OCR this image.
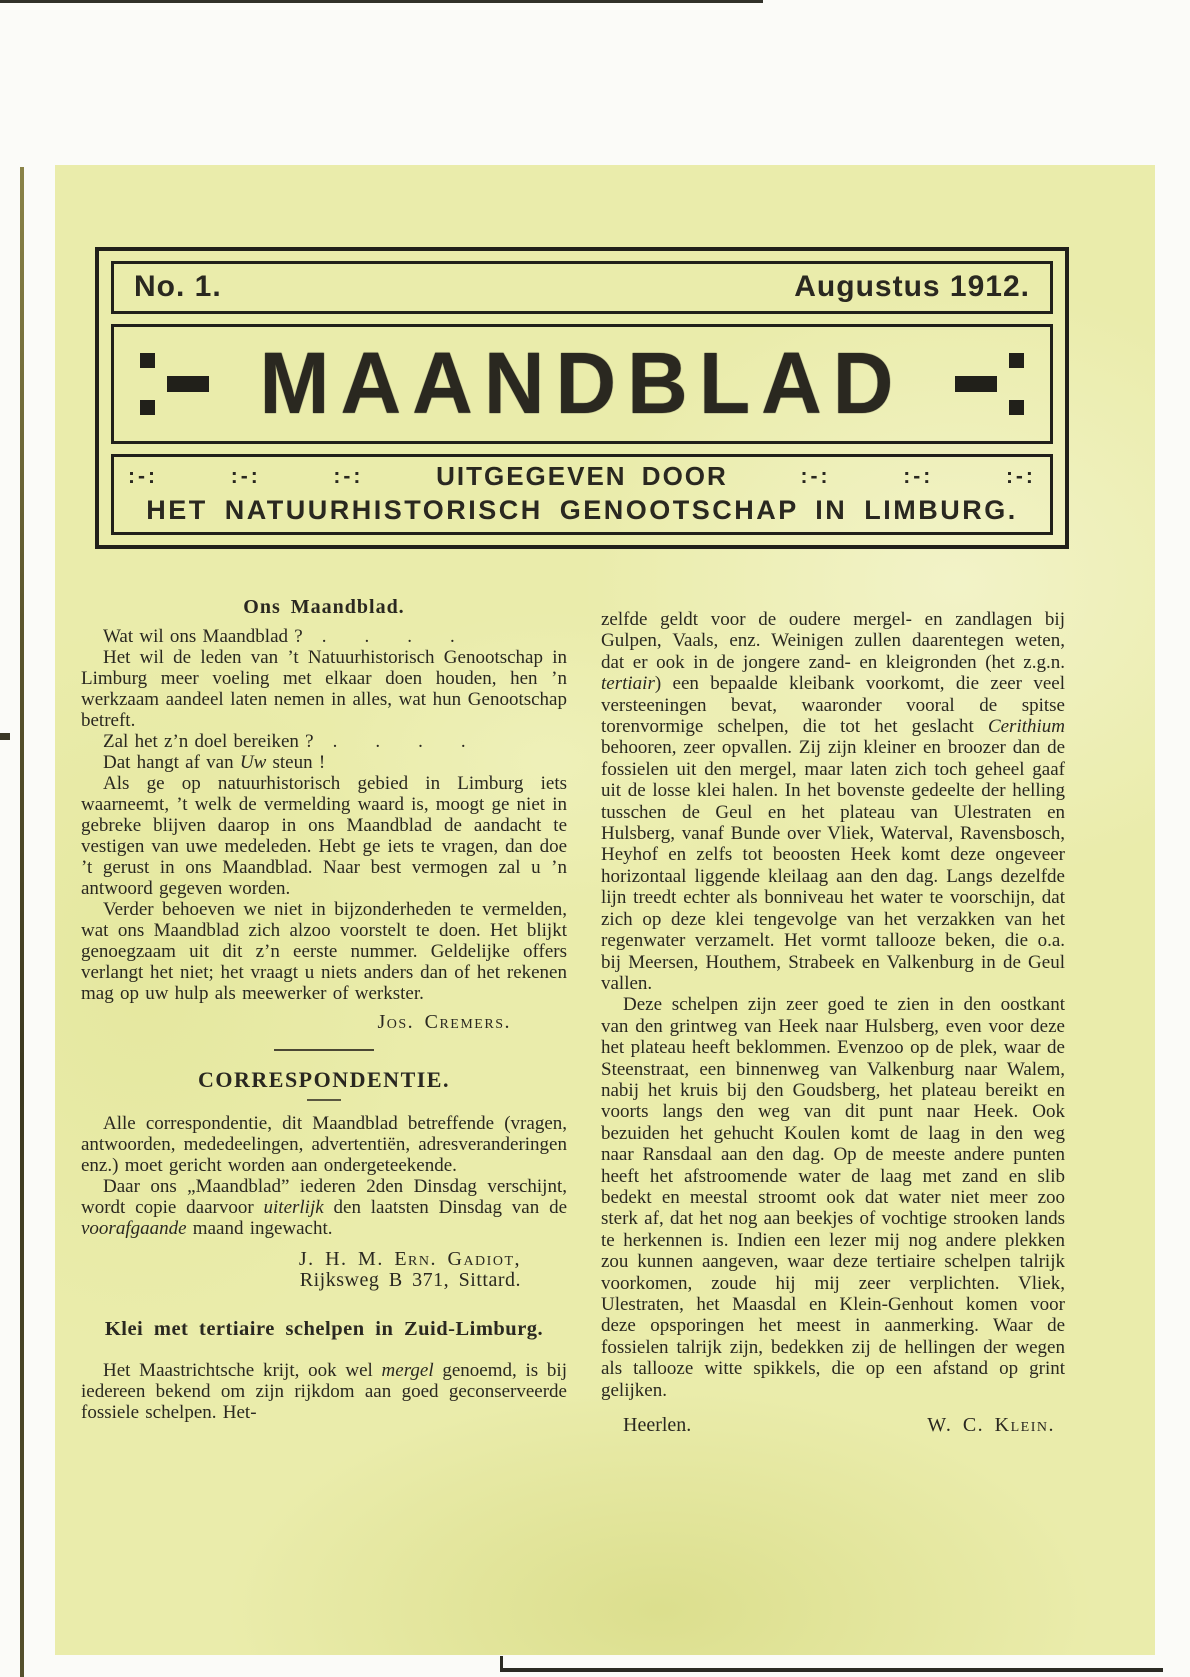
No. 1.	Augustus 1912.
MAANDBLAD
:-:	:-:	:-:	UITGEGEVEN DOOR	:-:	:-:	:-:
HET NATUURHISTORISCH GENOOTSCHAP IN LIMBURG.
Ons Maandblad.

Wat wil ons Maandblad ? .  .  .  .

Het wil de leden van ’t Natuurhistorisch Genootschap in Limburg meer voeling met elkaar doen houden, hen ’n werkzaam aandeel laten nemen in alles, wat hun Genootschap betreft.

Zal het z’n doel bereiken ? .  .  .  .

Dat hangt af van Uw steun !

Als ge op natuurhistorisch gebied in Limburg iets waarneemt, ’t welk de vermelding waard is, moogt ge niet in gebreke blijven daarop in ons Maandblad de aandacht te vestigen van uwe medeleden. Hebt ge iets te vragen, dan doe ’t gerust in ons Maandblad. Naar best vermogen zal u ’n antwoord gegeven worden.

Verder behoeven we niet in bijzonderheden te vermelden, wat ons Maandblad zich alzoo voorstelt te doen. Het blijkt genoegzaam uit dit z’n eerste nummer. Geldelijke offers verlangt het niet; het vraagt u niets anders dan of het rekenen mag op uw hulp als meewerker of werkster.

Jos. Cremers.
CORRESPONDENTIE.

Alle correspondentie, dit Maandblad betreffende (vragen, antwoorden, mededeelingen, advertentiën, adresveranderingen enz.) moet gericht worden aan ondergeteekende.

Daar ons „Maandblad” iederen 2den Dinsdag verschijnt, wordt copie daarvoor uiterlijk den laatsten Dinsdag van de voorafgaande maand ingewacht.

J. H. M. Ern. Gadiot,
Rijksweg B 371, Sittard.
Klei met tertiaire schelpen in Zuid-Limburg.

Het Maastrichtsche krijt, ook wel mergel genoemd, is bij iedereen bekend om zijn rijkdom aan goed geconserveerde fossiele schelpen. Het-

zelfde geldt voor de oudere mergel- en zandlagen bij Gulpen, Vaals, enz. Weinigen zullen daarentegen weten, dat er ook in de jongere zand- en kleigronden (het z.g.n. tertiair) een bepaalde kleibank voorkomt, die zeer veel versteeningen bevat, waaronder vooral de spitse torenvormige schelpen, die tot het geslacht Cerithium behooren, zeer opvallen. Zij zijn kleiner en broozer dan de fossielen uit den mergel, maar laten zich toch geheel gaaf uit de losse klei halen. In het bovenste gedeelte der helling tusschen de Geul en het plateau van Ulestraten en Hulsberg, vanaf Bunde over Vliek, Waterval, Ravensbosch, Heyhof en zelfs tot beoosten Heek komt deze ongeveer horizontaal liggende kleilaag aan den dag. Langs dezelfde lijn treedt echter als bonniveau het water te voorschijn, dat zich op deze klei tengevolge van het verzakken van het regenwater verzamelt. Het vormt tallooze beken, die o.a. bij Meersen, Houthem, Strabeek en Valkenburg in de Geul vallen.

Deze schelpen zijn zeer goed te zien in den oostkant van den grintweg van Heek naar Hulsberg, even voor deze het plateau heeft beklommen. Evenzoo op de plek, waar de Steenstraat, een binnenweg van Valkenburg naar Walem, nabij het kruis bij den Goudsberg, het plateau bereikt en voorts langs den weg van dit punt naar Heek. Ook bezuiden het gehucht Koulen komt de laag in den weg naar Ransdaal aan den dag. Op de meeste andere punten heeft het afstroomende water de laag met zand en slib bedekt en meestal stroomt ook dat water niet meer zoo sterk af, dat het nog aan beekjes of vochtige strooken lands te herkennen is. Indien een lezer mij nog andere plekken zou kunnen aangeven, waar deze tertiaire schelpen talrijk voorkomen, zoude hij mij zeer verplichten. Vliek, Ulestraten, het Maasdal en Klein-Genhout komen voor deze opsporingen het meest in aanmerking. Waar de fossielen talrijk zijn, bedekken zij de hellingen der wegen als tallooze witte spikkels, die op een afstand op grint gelijken.

Heerlen.	W. C. Klein.
